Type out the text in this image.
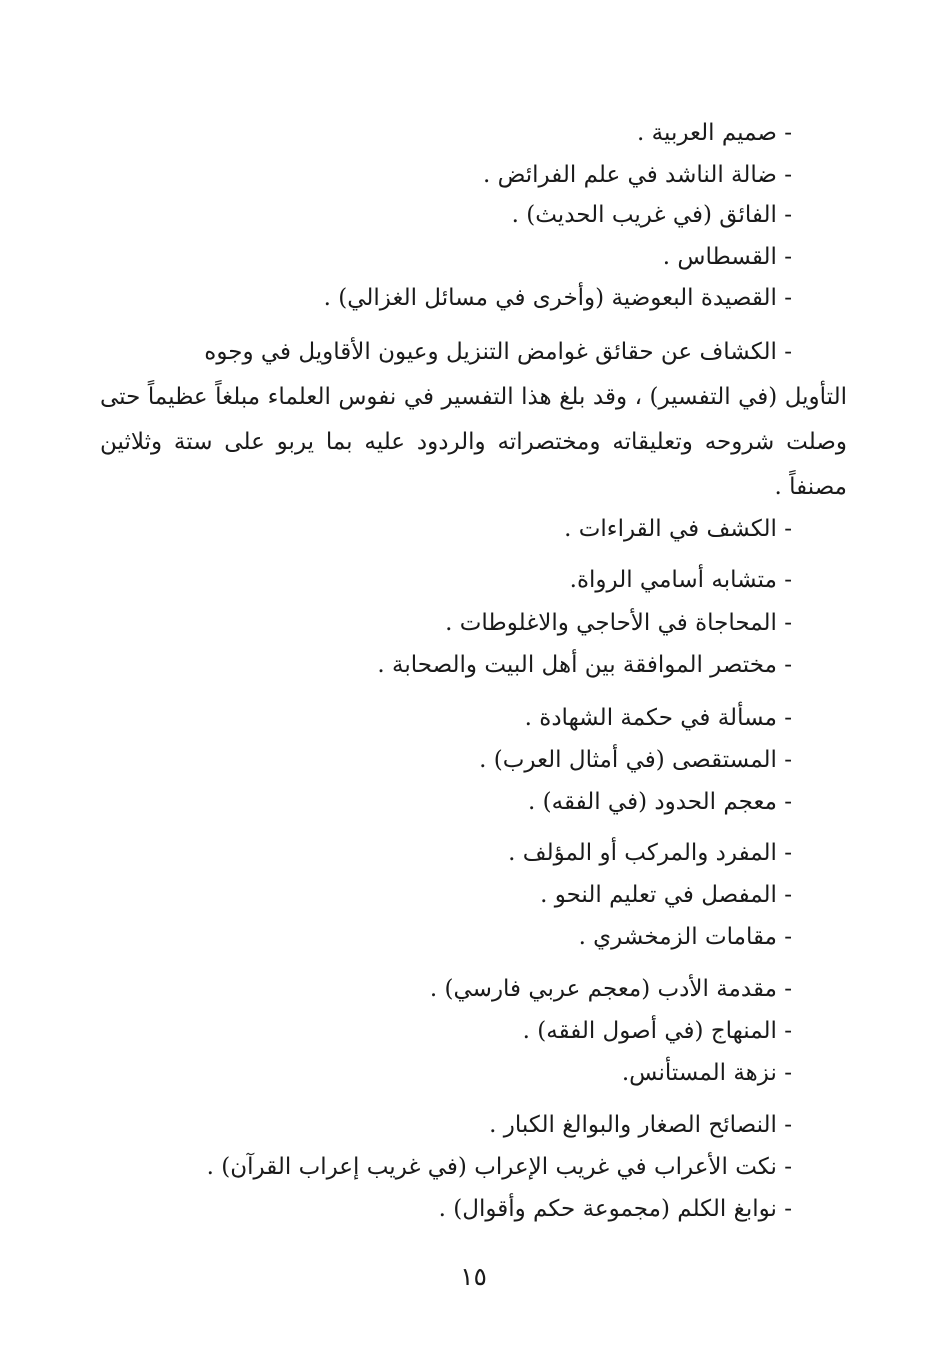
- صميم العربية .
- ضالة الناشد في علم الفرائض .
- الفائق (في غريب الحديث) .
- القسطاس .
- القصيدة البعوضية (وأخرى في مسائل الغزالي) .
- الكشاف عن حقائق غوامض التنزيل وعيون الأقاويل في وجوه
التأويل (في التفسير) ، وقد بلغ هذا التفسير في نفوس العلماء مبلغاً عظيماً حتى وصلت شروحه وتعليقاته ومختصراته والردود عليه بما يربو على ستة وثلاثين مصنفاً .
- الكشف في القراءات .
- متشابه أسامي الرواة.
- المحاجاة في الأحاجي والاغلوطات .
- مختصر الموافقة بين أهل البيت والصحابة .
- مسألة في حكمة الشهادة .
- المستقصى (في أمثال العرب) .
- معجم الحدود (في الفقه) .
- المفرد والمركب أو المؤلف .
- المفصل في تعليم النحو .
- مقامات الزمخشري .
- مقدمة الأدب (معجم عربي فارسي) .
- المنهاج (في أصول الفقه) .
- نزهة المستأنس.
- النصائح الصغار والبوالغ الكبار .
- نكت الأعراب في غريب الإعراب (في غريب إعراب القرآن) .
- نوابغ الكلم (مجموعة حكم وأقوال) .
١٥
